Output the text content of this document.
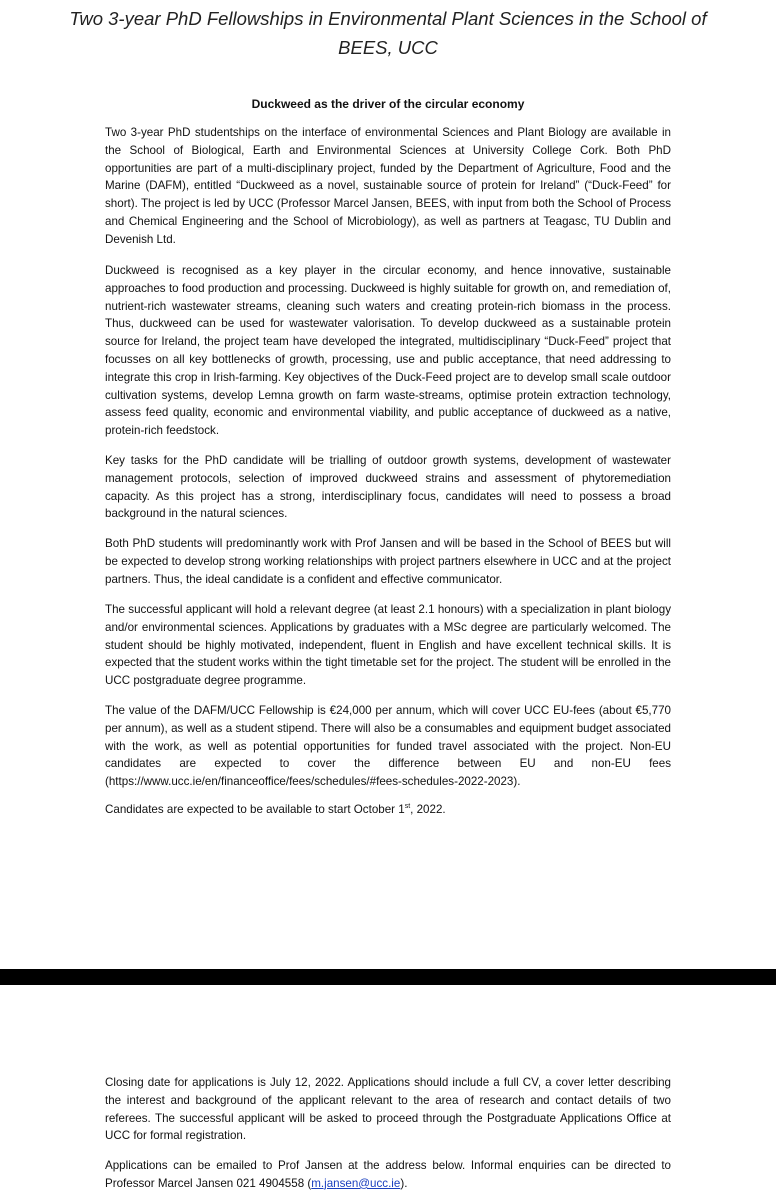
Two 3-year PhD Fellowships in Environmental Plant Sciences in the School of BEES, UCC
Duckweed as the driver of the circular economy

Two 3-year PhD studentships on the interface of environmental Sciences and Plant Biology are available in the School of Biological, Earth and Environmental Sciences at University College Cork. Both PhD opportunities are part of a multi-disciplinary project, funded by the Department of Agriculture, Food and the Marine (DAFM), entitled “Duckweed as a novel, sustainable source of protein for Ireland” (“Duck-Feed” for short). The project is led by UCC (Professor Marcel Jansen, BEES, with input from both the School of Process and Chemical Engineering and the School of Microbiology), as well as partners at Teagasc, TU Dublin and Devenish Ltd.

Duckweed is recognised as a key player in the circular economy, and hence innovative, sustainable approaches to food production and processing. Duckweed is highly suitable for growth on, and remediation of, nutrient-rich wastewater streams, cleaning such waters and creating protein-rich biomass in the process. Thus, duckweed can be used for wastewater valorisation. To develop duckweed as a sustainable protein source for Ireland, the project team have developed the integrated, multidisciplinary “Duck-Feed” project that focusses on all key bottlenecks of growth, processing, use and public acceptance, that need addressing to integrate this crop in Irish-farming. Key objectives of the Duck-Feed project are to develop small scale outdoor cultivation systems, develop Lemna growth on farm waste-streams, optimise protein extraction technology, assess feed quality, economic and environmental viability, and public acceptance of duckweed as a native, protein-rich feedstock.

Key tasks for the PhD candidate will be trialling of outdoor growth systems, development of wastewater management protocols, selection of improved duckweed strains and assessment of phytoremediation capacity. As this project has a strong, interdisciplinary focus, candidates will need to possess a broad background in the natural sciences.

Both PhD students will predominantly work with Prof Jansen and will be based in the School of BEES but will be expected to develop strong working relationships with project partners elsewhere in UCC and at the project partners. Thus, the ideal candidate is a confident and effective communicator.

The successful applicant will hold a relevant degree (at least 2.1 honours) with a specialization in plant biology and/or environmental sciences. Applications by graduates with a MSc degree are particularly welcomed. The student should be highly motivated, independent, fluent in English and have excellent technical skills. It is expected that the student works within the tight timetable set for the project. The student will be enrolled in the UCC postgraduate degree programme.

The value of the DAFM/UCC Fellowship is €24,000 per annum, which will cover UCC EU-fees (about €5,770 per annum), as well as a student stipend. There will also be a consumables and equipment budget associated with the work, as well as potential opportunities for funded travel associated with the project. Non-EU candidates are expected to cover the difference between EU and non-EU fees (https://www.ucc.ie/en/financeoffice/fees/schedules/#fees-schedules-2022-2023).

Candidates are expected to be available to start October 1st, 2022.

Closing date for applications is July 12, 2022. Applications should include a full CV, a cover letter describing the interest and background of the applicant relevant to the area of research and contact details of two referees. The successful applicant will be asked to proceed through the Postgraduate Applications Office at UCC for formal registration.

Applications can be emailed to Prof Jansen at the address below. Informal enquiries can be directed to Professor Marcel Jansen 021 4904558 (m.jansen@ucc.ie).
